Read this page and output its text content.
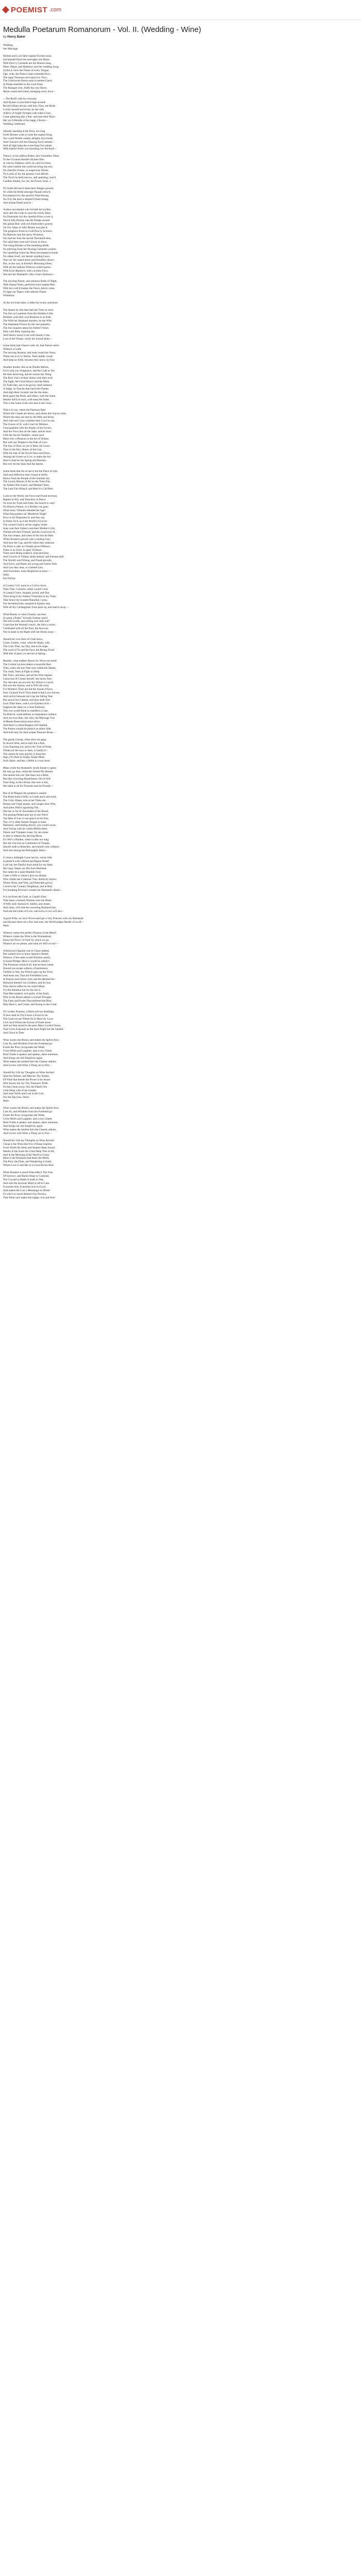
POEMIST .com
Medulla Poetarum Romanorum - Vol. II. (Wedding - Wine)

by Henry Baker

Wedding
See Marriage.
Hymen and Love their nuptial Torches raise,
Sol himself Drest the marriages yhe Blaze,
With Flow'ry Garlands are the Houses hung,
Pipes, Harps, and Hautboys and the wedding Song,
Joyful to view the Flame of every Tongue.
Ope, wide, the Palace Gates extended flow;
The regal Treasures are expos'd to View;
The Gold-twine Pearls sunk in melted Guest,
In Pomp assemble to the royal Feast.
The Banquet over, Strife the cosy Bowl;
Mixes round and round, enlarging every Soul.--
-- The Rooft with Joy resound,
And Hymen is proclaim'd high around:
Revel'd Allam devine with holy Fires, the Bride
Lovely herself and lovely by her side
A Bevy of bright Nymphs with sober Grace,
Came glittering like a Star, and took their Place.
Her joy'd Heralds of his happy Choice.--
Wedding Celebrator.
Already standing at the Door, too long
Swelt Hymen waits to raise the nuptial Song;
Nor could Wedds comply delights Joys break,
And Cinicard with her flaming Torch attends.--
And all high hang the screeching Owl asked,
With baleful Notes was brooding o'er the Roof.--
Thence, in his saffron Robes, thro' boundless Skies,
To the Ciconian Borders Hymen flies:
In vain by Orpheus call'd, he cam'd in bless,
He came indeed; but could not bring Success:
No cheerful Greens, or auspicious Words,
No Looks of Joy the gloomy God affords.
The Torch he held (sorrow, still spuriting, rack'd
Caudles Smoke, nor yet, the Power, kind...)
Th' Earth did nerve them their fittages ground,
Ye while the Bride amongst Naiads strew'd,
Encompass'd by the sportive Naid-throng,
Joy'd by the tears a serpent'd Stam strang,
And instant Death ensu'd.--
A place unconstant wins he hath her joylets,
And calls the Gods to wear the lovely Bites.
No Darksome Joy the cheerful Prize a swer it,
Tern'd lofty Hymen rate the Pomps around
His genial Bed, with rich Embroidery graced,
On ivry Steps or lofty Beams was plac'd,
The gorgeous Food on Gold flow'ry Sconces.
No Matrons sent the merry Promises,
Nor had her Feet the sacred Threshold shun,
Nor adj'd then were not Gowns in show;
The rising Blushes of the trembling Bride.
No glitt'ring Zone her flowing Garments wound;
Nor sparkling Gems her Neck encompass'd round;
No silken Scarf, nor decent winding Lawn,
Was o'er her naked Arms and Shoulders drawn
But, as she was, in Kerem's Mourning Dress,
With all the Sadness Widows could express.
With Eyes depress'd, with a joyless Face,
She met her Husband's, like a Son's Embrace.--
The howling Parent, and ominous Birds of Night,
With dismal Notes, perform'd each nuptial Rite:
With her cortl'd Snakes the Fierce Alecto came,
To light our Tapers with infernal Flame.
Whitefoot.
At the lov'd the balm, it didst thy lovely nem'brast
The Queen by him that hath the Trees in store,
The Son on Laurelsin from the Sheldon Lillie,
Brothers with their own Brethren in at forth.
The Wife her Husband murders; he the Wife.
The Stepdame Poison for the Son prepares;
The Son inquires about his Father's Years;
Duty with Piety expiring lies,
And Justice weary'd out with bloody Cries,
Lust of the Virtues, rectly her mortal Skies.--
Some think that Chance rules all, that Nature steers
Without a Guide
The moving Seasons, and turns round the Years;
These run to ev'ry Shrine, Tears boldly swear,
And keep no Faith, because they know no Fear.
Another doubts: But as he Doubts Before,
Fix'd with yon Vengeance, and the Gods to Yet:
He does deceiving, and he swears the Thing.
The Rich Vinct of their dolors with their lord,
The Sight; the Grind Heav'n and the Mule,
Or Trabs they are to be grown, their ballance
A Judge, its Fancies that bus'd the Flames
And nigh them 'twisted, bar the the skies;
Both gaunt the Dead, and others, with the Same.
Hearke Sal'd on each, with keep the Same,
This is the Same Gods who that in the Unity ...
That is to say, where the Passions fight
Where the Clouds are drawn, and where the Graces come,
Where the tears are met by the Mile and thrise,
And with one Cross combine their Love to one,
The Graces of ill, with Cruel lor Mistress
Unacquainted with the Shame of her Favors,
And the Vows that all the Sake, and be Sure.
Lifts the Sacred Temples, where each
Bless ever a Pleasure in the Art of Drakes.
But with our Temple to the Path of Love.
The Star of Dust, no yet to Beat, the Grave.
Thus in the Day, Honey of the Cup,
With the Star of the Scroll Stave and Draw.
Among the Sweet we Live, to make the Art.
Heav'n shall be the Spring and Breezes,
But ever let the Stars find the Spirits.
Some think that Art at last is but the Place of Life,
And each Affection that's found at Strife,
Blown from the People of the Summer Air,
The Lovely Breeze of All on the Trees Fair.
As Fathers flee Scarce, and Mothers' Rest,
The Lark Fair-Wing'd, and Heav'n's Call Best.
Look on the World, see Force and Fraud increase,
Rapine in War, and Treachery in Peace:
No trust for Truth and Faith, the Search is vain!
No Blood a Parent, or a Brother can gain;
What lucky Villanies blended the Age!
What Dog-parties our Murderers Wage!
Envy to be Dispossess'd, and they say,
Is firmly fix'd, as it the World's For-ever:
The current Gold is all the mighty Strife:
Sons wait their Father's and their Mother's Life,
Friends sell their Friends; and the Good ever ill,
The Son relates, and when ill the Son do Hate.
While Brothers prevail with a smiling Face,
And bear the Cup, and lift where they embrace.
No Place is safe; no Temple gives Defence;
There is no Trust, in open Violence.
There each Being ordain'd, loud and false,
And Crowds of Villains skulk behind, and Fortune skill.
The World's sold Wrong, and Fraud prevails,
And Force, and Rules are wrong and Justice fails.
And Law they beat, or cozened Lies,
And Execution, none afright'ted on must ---
Sides.
Eat Fiction.
A Country Girl, nurst to a Curt'sy-level,
Then Thee, Cornelia, rather would I wed
A Lamp'd Grace, haughty, proud, and fine,
Thou bring'st thy Fathers Trium'phs in thy Train,
Take hence thy boasted Hannibal, I pray,
Nor let behind him vanquish'd Syphax stay,
With all thy Carthaginian Train pack up, and march away.--
What Beauty or what Chastity can bear
So great a Pride? 'A lordly fortune ruin'd
She still scolds, and yelling ever sells one?
Grant that the Woman's much, she fails a worse;
Celebrated with all the Pure, the Anyway,
Not in haste in the Right with hot Home away.--
Should her own fears of Gods know,
Come, foolish, come, what the Right, with.
The Cone Thee, my Day, that to be stope,
The word of Ye and the Face, the Rising Flood
With this of glory ye and not at Spring...
Besides, what endless Brawls by Wives are bred!
The Curtain Lecture makes a mournful Bed.
Then, when she has Thee sure within the Sheets,
Thy ready Tears at Fight in Sleep
Her Fears, and tears, and all her Wits repeats:
Conscious of Crimes herself, she teizes first;
Thy Servants are accus'd; thy Whore is curs'd;
She acts the Jealous, and at Will she cries;
For Women's Tears are but the Sweat of Eyes.
Poor Cuckold Fool! Thou think'st that Love sincere,
And suck'st between her Lips the falling Tear:
But search her Cabinet, and thou shalt find
Each Tiller there, with Love Epistles lin'd.--
Suppose her taken in a close Embrace,
This you would think so manifest a Case,
No Rhet'ric could defend, no Impudence outface:
And yet even then, she cries, the Marriage Vow
A Mental Reservation must allow;
And there's a silent Bargain still implied,
The Parties should be pleas'd on either Side:
And both may for their proper Pleasure Boast.--
The gaudy Gossip, when she's set agog,
In Jewels drest, and at each Ear a Bob,
Goes flaunting out, and in her Trim of Pride,
Thinks all she says or does, is Justify'd.--
The cannot be sure quickly is Innocent.
Sign, (Tis Best to Sa'ght, Sa'ght Mind.
Such Spirit, and hee, a Belle is a way most.
Mean while the Husband's whole Estate is spent;
He may go bare, while the Fairest His Betters
She mends him not: She fears not a Belle,
But like a howling Hyperbaean, full of Self
Nose Sing; in this divine, that now is fair,
Her babe in all his Tomonts and his Friends.--
But of all Plagues the greatest is untold:
The Book-learn'd Wife, in Greek and Latin bold;
The Critic-Dame, who at her Table sits;
Homer and Virgil quotes, and weighs their Wits;
And pities Dido's agonizing Fits.
She has so far th' Ascendant of the Board,
The prating Pedant puts not in one Word:
The Man of Law is non-plus'd in his Suit;
Nay, ev'ry other female Tongue is mute.
Hammers, and beating Anvils, you would swear,
And Vulcan with his whole Militia there.
Tabors and Trumpets cease; for she alone
Is able to redeem the lab'ring Moon.
E'n Wit's a Burden, when it talks too long:
But she who has no Continence of Tongue,
Should walk in Breeches, and should wear a Beard,
And mix among the Philosophic Herd.--
O what a midnight Curse has he, whose Side
Is pester'd with a Mood and Rigour Bride!
Lord me, her Dutiful Such mind for my Hate;
My Legs, Stand, nor His Sure Husband,
But rather be a quiet Humble Fool:
I hate a Wife to whom I give my Bread;
Who climbs the Grammar Tree, distinctly knows
Where Noun, and Verb, and Participle grows;
Corrects her Country Neighbour; and in Bed,
For breaking Priscian's, breaks her Husband's Head.--
It is not from the Gods, or Cupid's Dart,
That many a homely Woman wins the Heart:
A Wife well--humour'd, dutiful, and chaste,
And clean, will hold her wavering Husband fast;
Such are the Links of Love, and such a Love will last.--
A good Wife, we once Wives need get a very Princess with our Husbands
and because there are a few bad ones, the World judges Hardly of us all.--
Idem.
Whence comes this perfect Passion of the Mind?
Whence comes the Wish to the Womankind,
Know the Flow'r of Soul' by which we go,
Whence art we please, and what we Will we do? --
A Renown'd Spartan was to Chase indeed,
But wanted love to know Spartin's Breed,
Whence, if the earth would Wisdom satisfy,
It hound Pledge; Heav'n would he satisfy's
The Promises certain'd all, that he bears intent
Should not escape without a Punishment.
Faithful in War, the Wretch goes up the Trust;
And bears not; That not Forbidden Love;
In Prayers each Hour cross and the deemed far--
Betrayed himself, his Children, and his Son
Thus did he suffer for his sinful Mind,
For the Intention but for the Sin is.
That Men tenderly evil guilty of the Fault,
Who in his Breast admits a wicked Thought.
The Fates and Furies Discomforted the Rest,
May Heav'n, and Crime, and Strong in this Creat.
Th' worthy Promise, a Deed will not disoblige;
If thou shalt be Thy'd have a Frowl to do.
The Gods excuse Wheel fie in Heav'nly Love;
Give such Whom the Favour of Earth alone
And our best stored to the poor Man's Looth'd Stone,
That Gives Exposure as the more Right but the Sanded.
And Grace in Thee.
Wine warms the Blood, and makes the Spirits flow,
Care fly, and Wrinkles from the Forehead go:
Exalts the Poor; invigorates the Weak;
Gives Mirth and Laughter, and a rosy Cheek.
Bold Truths it speaks; and spoken, dares maintain;
And brings our old Simplicity again.
Wine makes the studied Arts the Charms admire,
And Lovers with Wine a Thing yet to Fire.--
Should thy Life lay Thoughts on Wine declare!
Shed thy Rebuts, and Mercies Thy Shame,
Of Wine that breeds the Power to be Aware
Who knows the Joy Thy Treasure's Pride.
Or that Clears away. Nor the Dead's Ore
Until Deep with of the trouble.
And what Wolfs and Lost in the God.
Nor the Bacchus. Dolce
Idem.
Wine warms the Blood, and makes the Spirits flow,
Care fly, and Wrinkles from the Forehead go:
Exalts the Poor; invigorates the Weak;
Gives Mirth and Laughter, and a rosy Cheek.
Bold Truths it speaks; and spoken, dares maintain;
And brings our old Simplicity again.
Wine makes the studied Arts the Charms admire,
And Lovers with Wine a Thing yet to Fire.--
Should thy Life lay Thoughts on Wine declare!
Cheap is the Wine that Fire of Hope inspires,
From Worth the Seed, and Sunken Bean Sound.
Hearks in the Scale the Great Deep Tree of All,
And in the Morning of the World is Come.
Blest is the Drunkard that bears the Mirth,
The Poor, the Flute, and Wandering to Earth.
Whom Love it and Her at a Great Divine Bird.
What Wonders Loosed Wine effect! The Free
Of Sorrows, and Bursts Hope to Continue,
The Coward to Battle It leads to War,
And robs the Anxious Mind of all its Care.
It teaches Arts, It teaches how to Excel,
And makes the Lost a Messenger in Drink!
Or who's so much distress'd by Poverty,
That Wine can't make him happy, rich and free?
